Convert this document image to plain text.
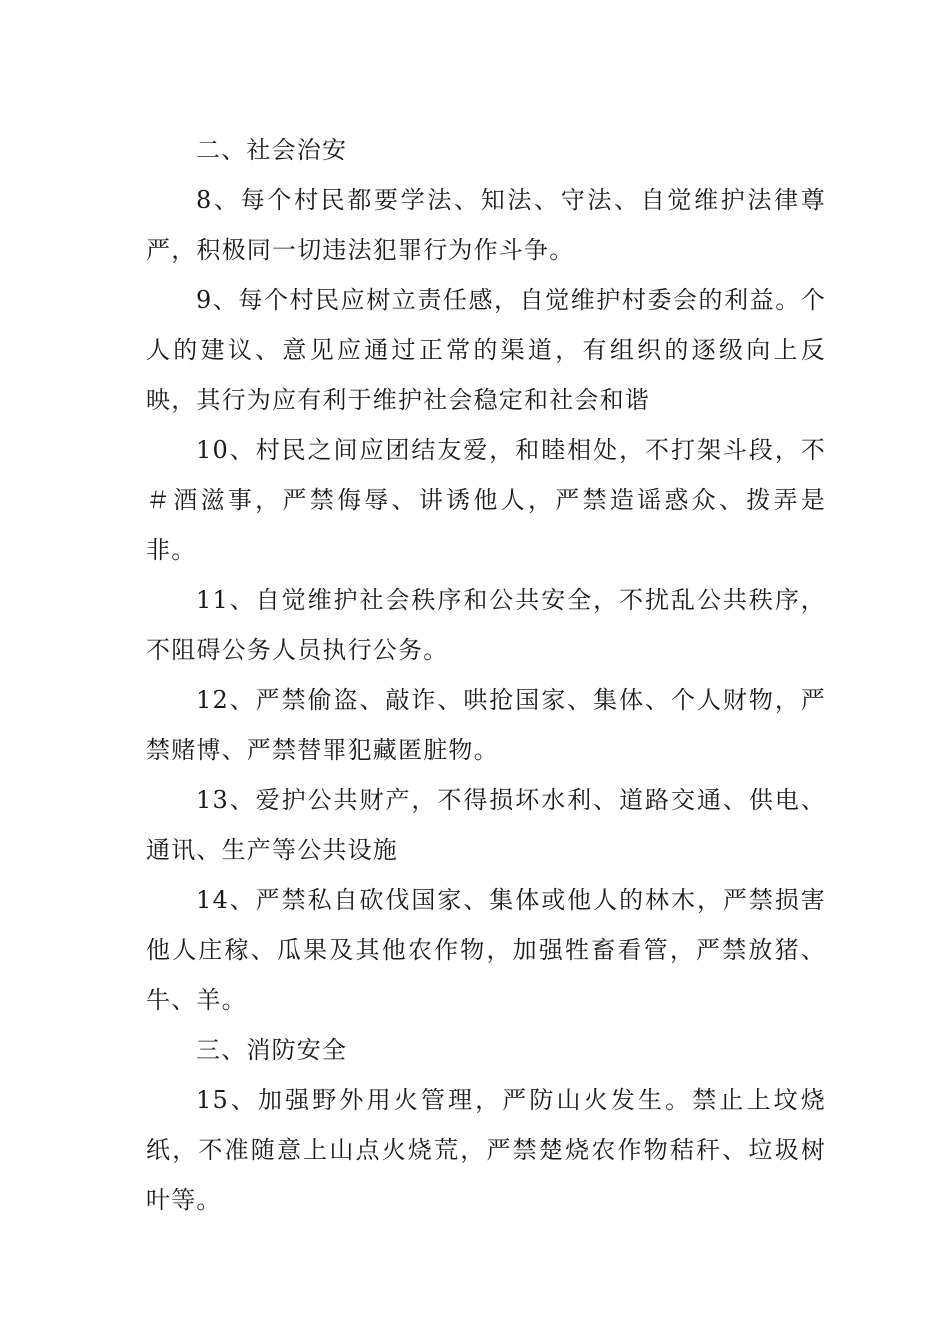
二、社会治安

8、每个村民都要学法、知法、守法、自觉维护法律尊严，积极同一切违法犯罪行为作斗争。

9、每个村民应树立责任感，自觉维护村委会的利益。个人的建议、意见应通过正常的渠道，有组织的逐级向上反映，其行为应有利于维护社会稳定和社会和谐

10、村民之间应团结友爱，和睦相处，不打架斗段，不＃酒滋事，严禁侮辱、讲诱他人，严禁造谣惑众、拨弄是非。

11、自觉维护社会秩序和公共安全，不扰乱公共秩序，不阻碍公务人员执行公务。

12、严禁偷盗、敲诈、哄抢国家、集体、个人财物，严禁赌博、严禁替罪犯藏匿脏物。

13、爱护公共财产，不得损坏水利、道路交通、供电、通讯、生产等公共设施

14、严禁私自砍伐国家、集体或他人的林木，严禁损害他人庄稼、瓜果及其他农作物，加强牲畜看管，严禁放猪、牛、羊。

三、消防安全

15、加强野外用火管理，严防山火发生。禁止上坟烧纸，不准随意上山点火烧荒，严禁楚烧农作物秸秆、垃圾树叶等。
